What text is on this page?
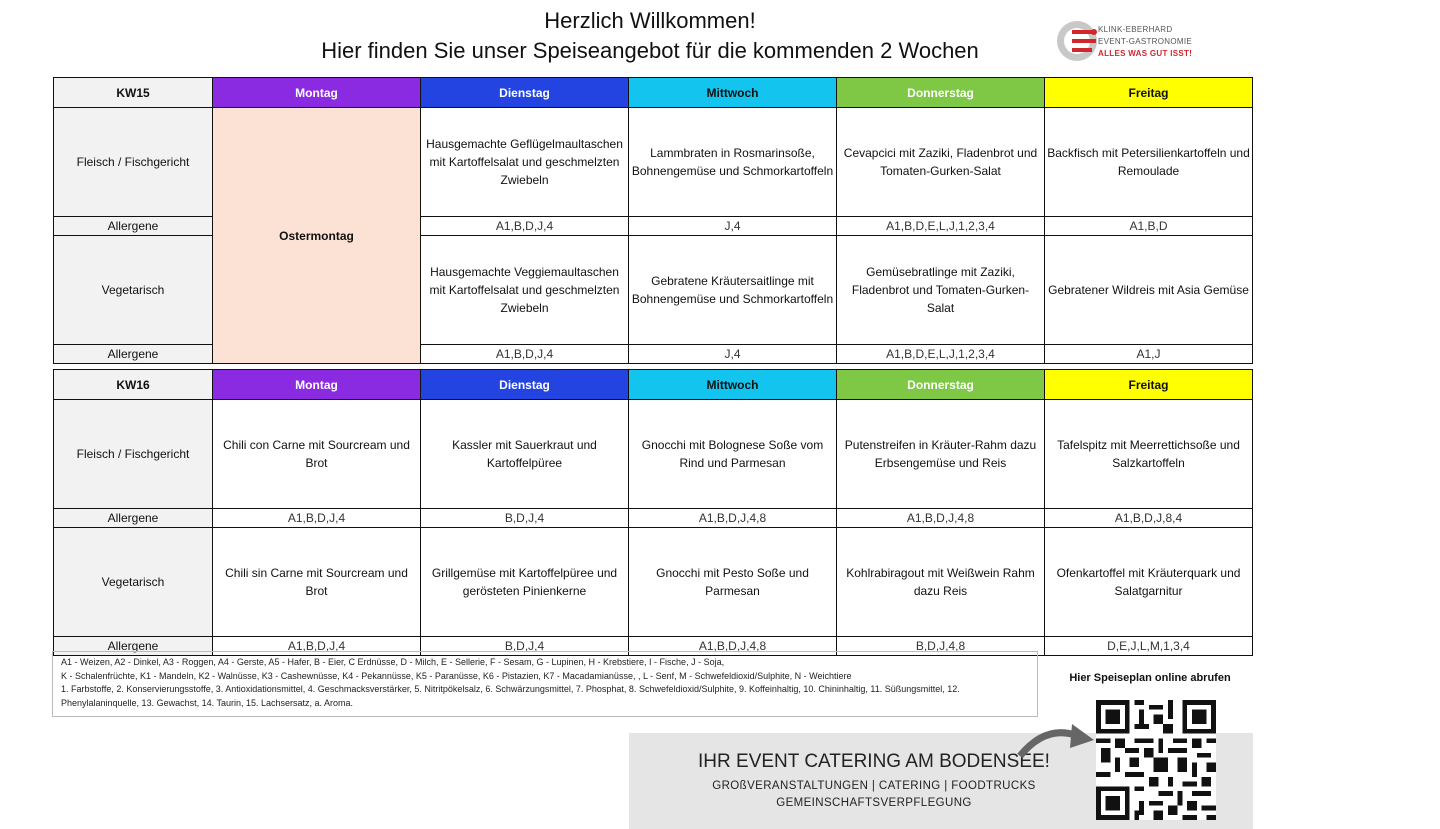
Herzlich Willkommen!
Hier finden Sie unser Speiseangebot für die kommenden 2 Wochen
KLINK-EBERHARD
EVENT-GASTRONOMIE
ALLES WAS GUT ISST!
KW15	Montag	Dienstag	Mittwoch	Donnerstag	Freitag
Fleisch / Fischgericht	Ostermontag	Hausgemachte Geflügelmaultaschen mit Kartoffelsalat und geschmelzten Zwiebeln	Lammbraten in Rosmarinsoße, Bohnengemüse und Schmorkartoffeln	Cevapcici mit Zaziki, Fladenbrot und Tomaten-Gurken-Salat	Backfisch mit Petersilienkartoffeln und Remoulade
Allergene		A1,B,D,J,4	J,4	A1,B,D,E,L,J,1,2,3,4	A1,B,D
Vegetarisch		Hausgemachte Veggiemaultaschen mit Kartoffelsalat und geschmelzten Zwiebeln	Gebratene Kräutersaitlinge mit Bohnengemüse und Schmorkartoffeln	Gemüsebratlinge mit Zaziki, Fladenbrot und Tomaten-Gurken-Salat	Gebratener Wildreis mit Asia Gemüse
Allergene		A1,B,D,J,4	J,4	A1,B,D,E,L,J,1,2,3,4	A1,J
KW16	Montag	Dienstag	Mittwoch	Donnerstag	Freitag
Fleisch / Fischgericht	Chili con Carne mit Sourcream und Brot	Kassler mit Sauerkraut und Kartoffelpüree	Gnocchi mit Bolognese Soße vom Rind und Parmesan	Putenstreifen in Kräuter-Rahm dazu Erbsengemüse und Reis	Tafelspitz mit Meerrettichsoße und Salzkartoffeln
Allergene	A1,B,D,J,4	B,D,J,4	A1,B,D,J,4,8	A1,B,D,J,4,8	A1,B,D,J,8,4
Vegetarisch	Chili sin Carne mit Sourcream und Brot	Grillgemüse mit Kartoffelpüree und gerösteten Pinienkerne	Gnocchi mit Pesto Soße und Parmesan	Kohlrabiragout mit Weißwein Rahm dazu Reis	Ofenkartoffel mit Kräuterquark und Salatgarnitur
Allergene	A1,B,D,J,4	B,D,J,4	A1,B,D,J,4,8	B,D,J,4,8	D,E,J,L,M,1,3,4
A1 - Weizen, A2 - Dinkel, A3 - Roggen, A4 - Gerste, A5 - Hafer, B - Eier, C Erdnüsse, D - Milch, E - Sellerie, F - Sesam, G - Lupinen, H - Krebstiere, I - Fische, J - Soja,
K - Schalenfrüchte, K1 - Mandeln, K2 - Walnüsse, K3 - Cashewnüsse, K4 - Pekannüsse, K5 - Paranüsse, K6 - Pistazien, K7 - Macadamianüsse, , L - Senf, M - Schwefeldioxid/Sulphite, N - Weichtiere
1. Farbstoffe, 2. Konservierungsstoffe, 3. Antioxidationsmittel, 4. Geschmacksverstärker, 5. Nitritpökelsalz, 6. Schwärzungsmittel, 7. Phosphat, 8. Schwefeldioxid/Sulphite, 9. Koffeinhaltig, 10. Chininhaltig, 11. Süßungsmittel, 12.
Phenylalaninquelle, 13. Gewachst, 14. Taurin, 15. Lachsersatz, a. Aroma.
IHR EVENT CATERING AM BODENSEE!
GROßVERANSTALTUNGEN | CATERING | FOODTRUCKS
GEMEINSCHAFTSVERPFLEGUNG
Hier Speiseplan online abrufen
